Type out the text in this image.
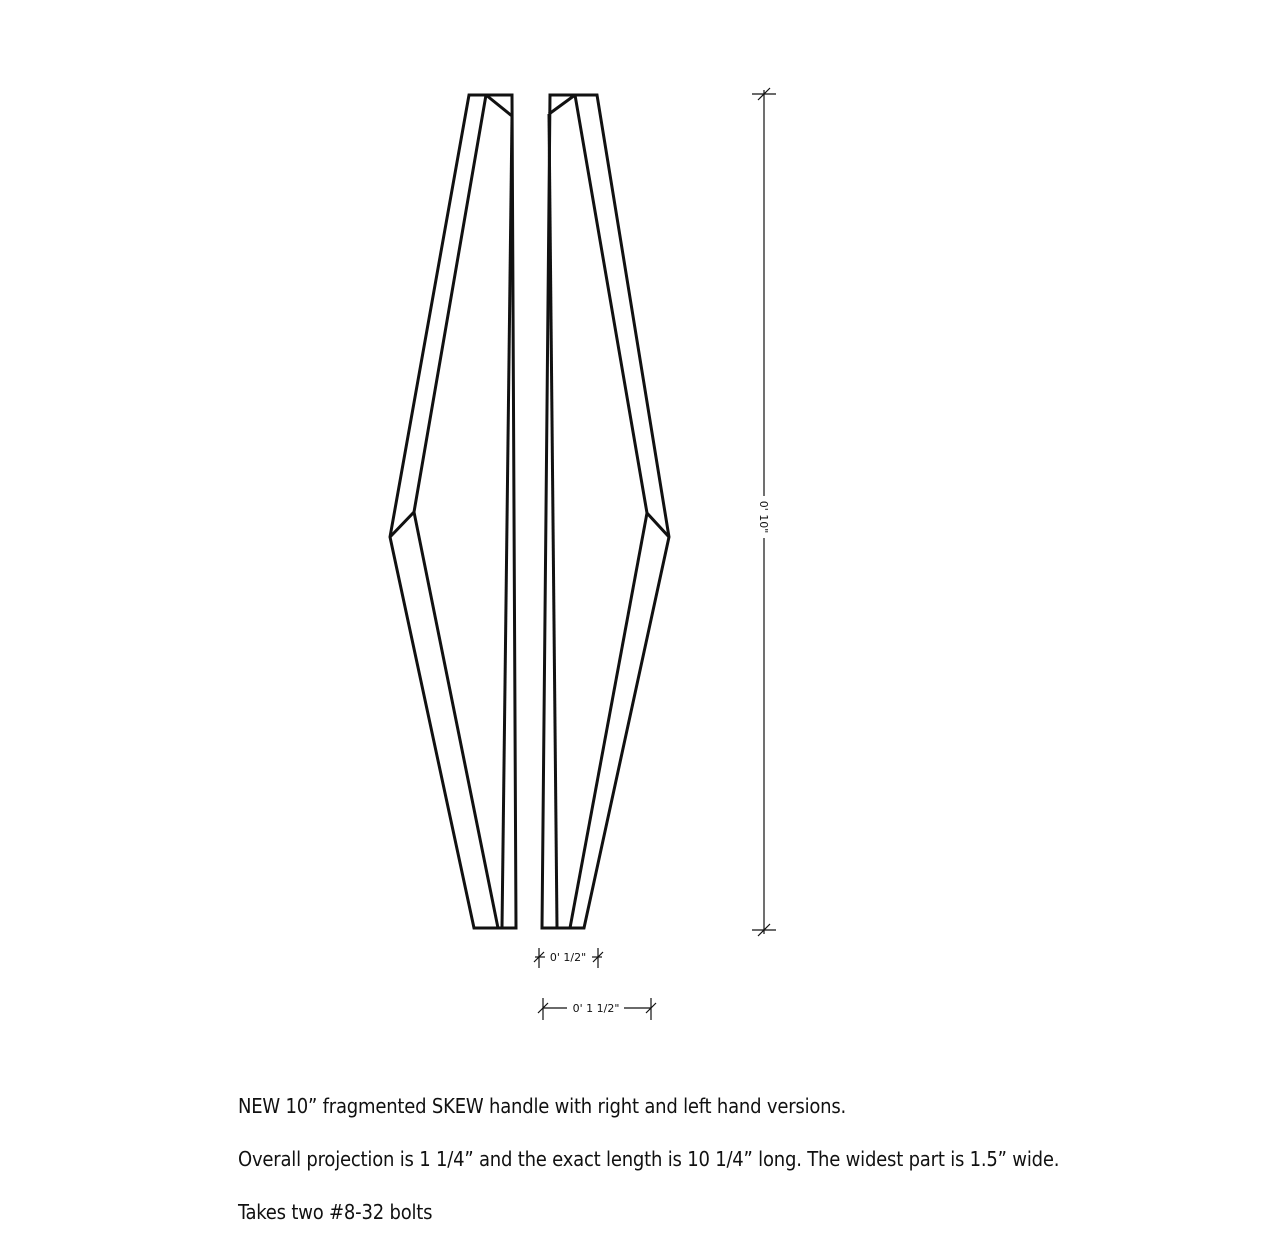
0' 10"
0' 1/2"
0' 1 1/2"
NEW 10” fragmented SKEW handle with right and left hand versions.
Overall projection is 1 1/4” and the exact length is 10 1/4” long. The widest part is 1.5” wide.
Takes two #8-32 bolts
